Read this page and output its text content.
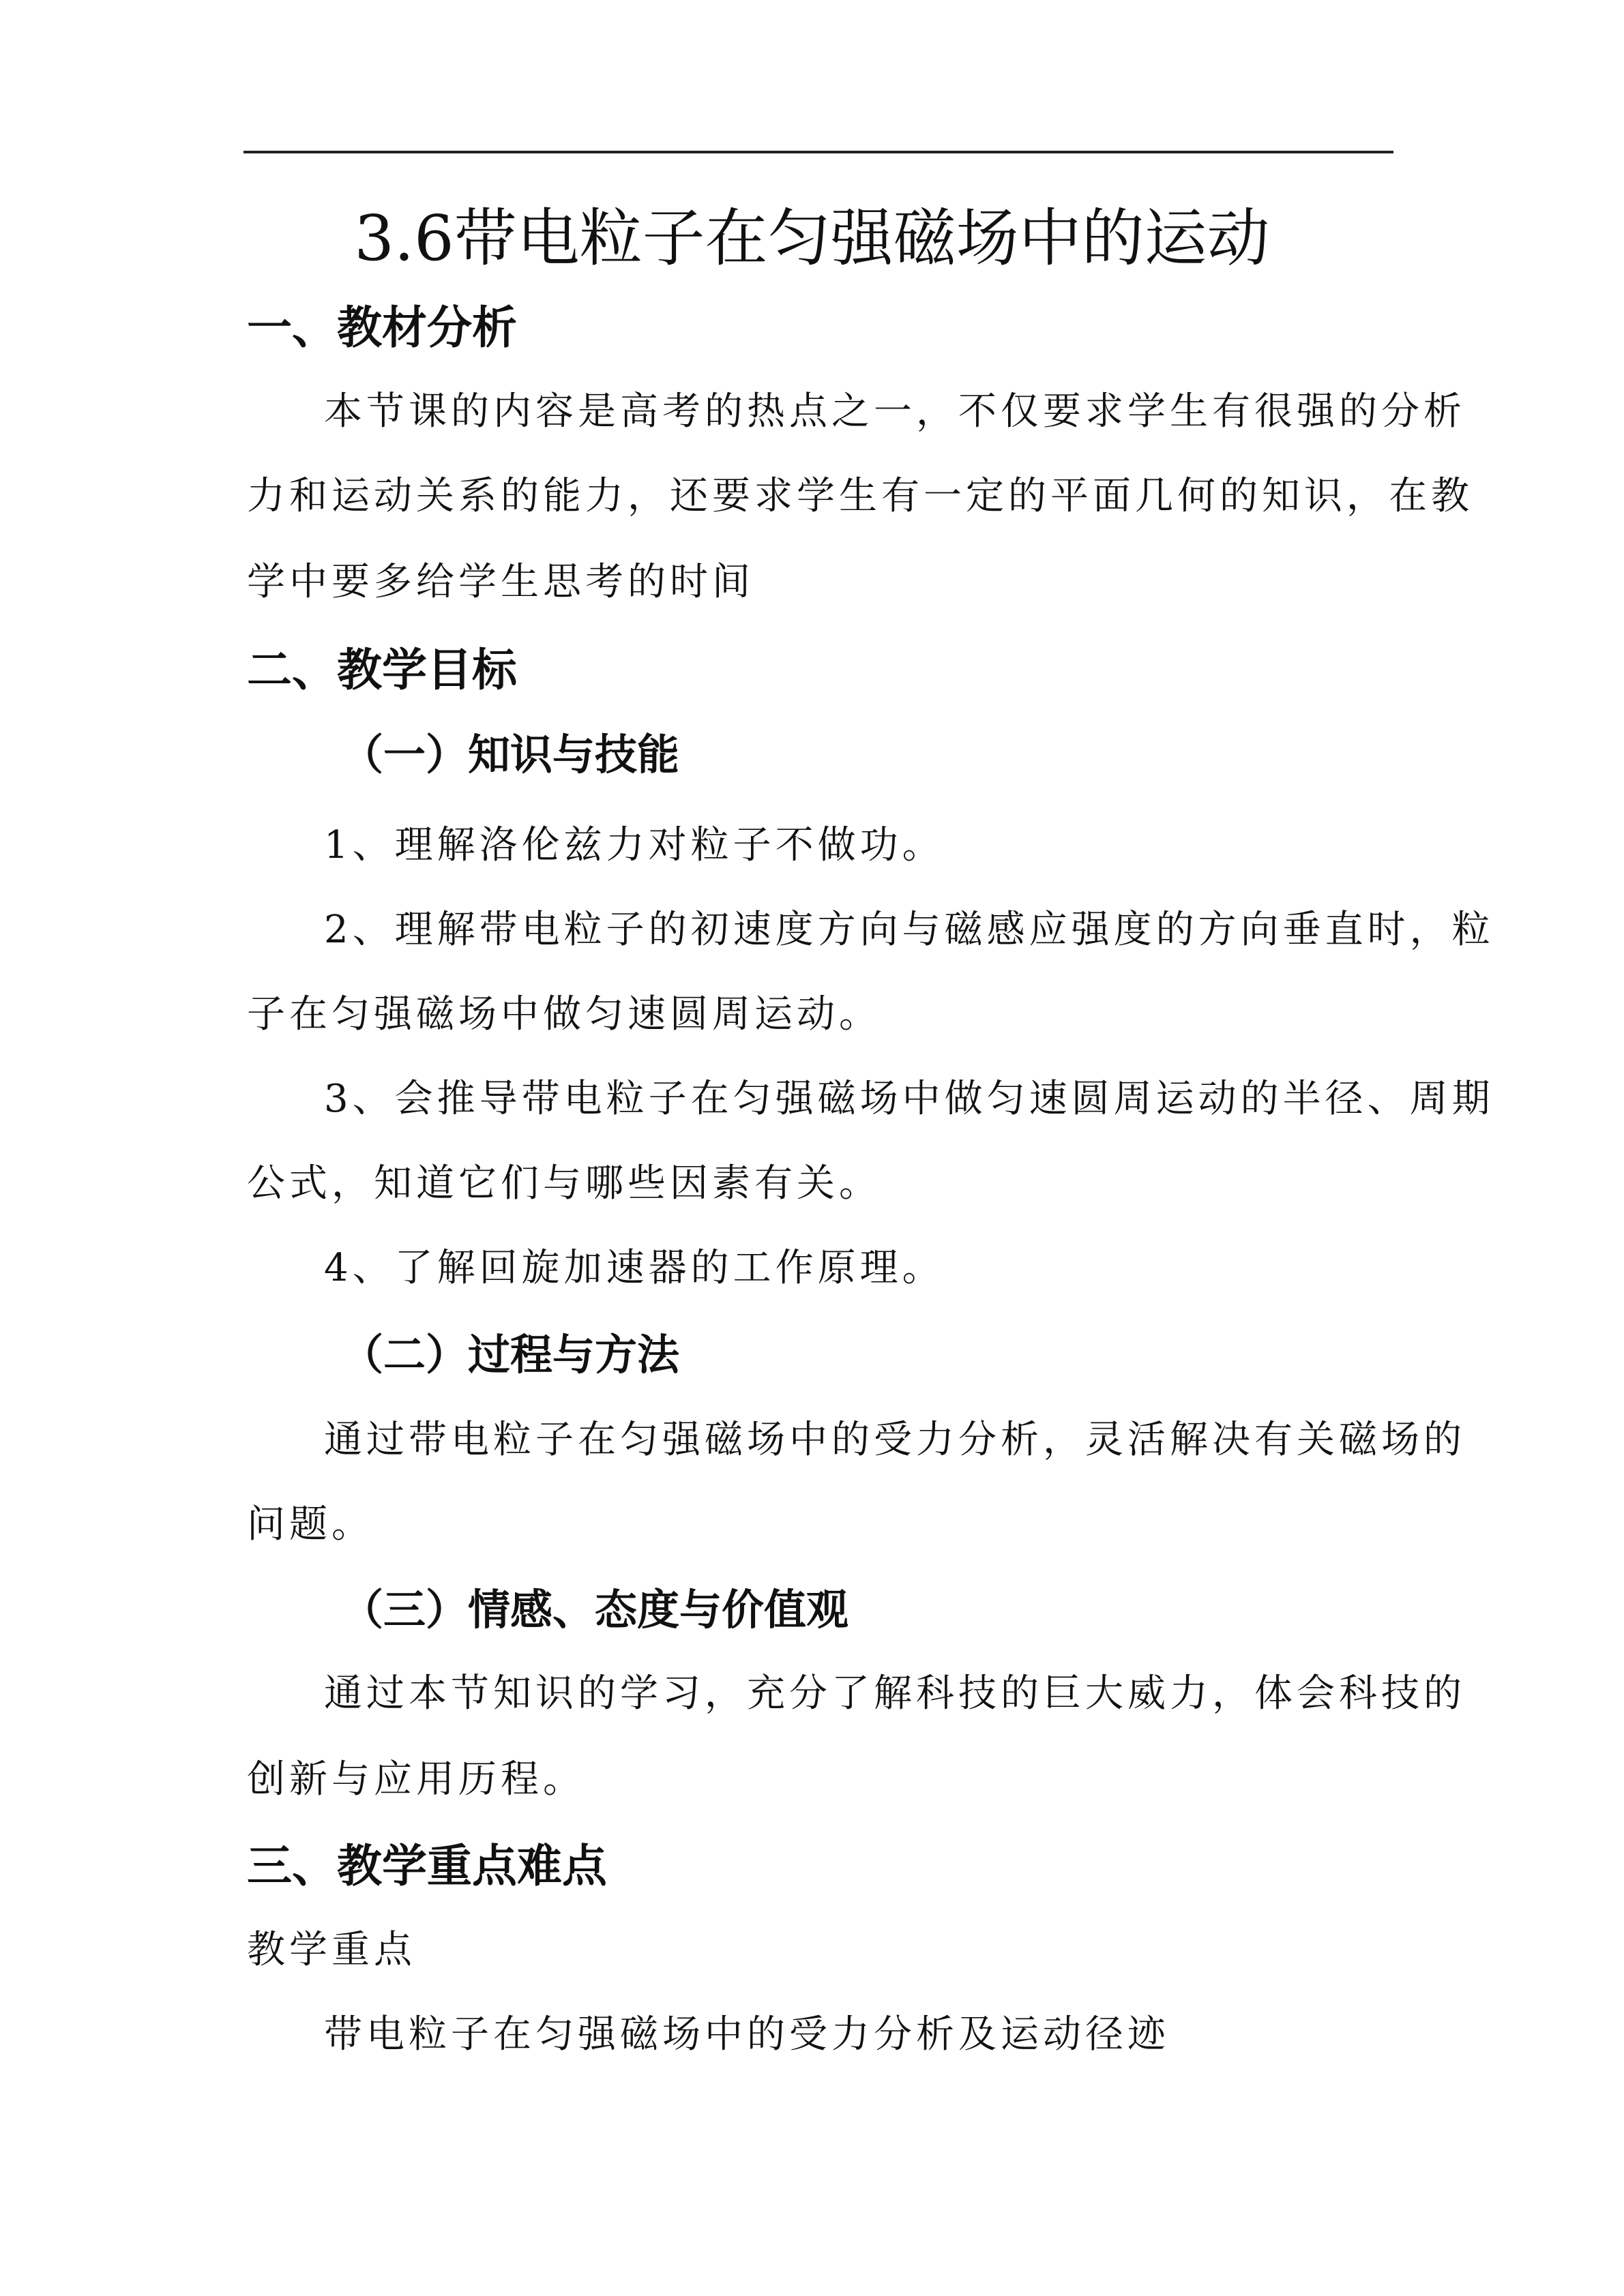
3.6带电粒子在匀强磁场中的运动
一、教材分析
本节课的内容是高考的热点之一，不仅要求学生有很强的分析
力和运动关系的能力，还要求学生有一定的平面几何的知识，在教
学中要多给学生思考的时间
二、教学目标
（一）知识与技能
1、理解洛伦兹力对粒子不做功。
2、理解带电粒子的初速度方向与磁感应强度的方向垂直时，粒
子在匀强磁场中做匀速圆周运动。
3、会推导带电粒子在匀强磁场中做匀速圆周运动的半径、周期
公式，知道它们与哪些因素有关。
4、了解回旋加速器的工作原理。
（二）过程与方法
通过带电粒子在匀强磁场中的受力分析，灵活解决有关磁场的
问题。
（三）情感、态度与价值观
通过本节知识的学习，充分了解科技的巨大威力，体会科技的
创新与应用历程。
三、教学重点难点
教学重点
带电粒子在匀强磁场中的受力分析及运动径迹
